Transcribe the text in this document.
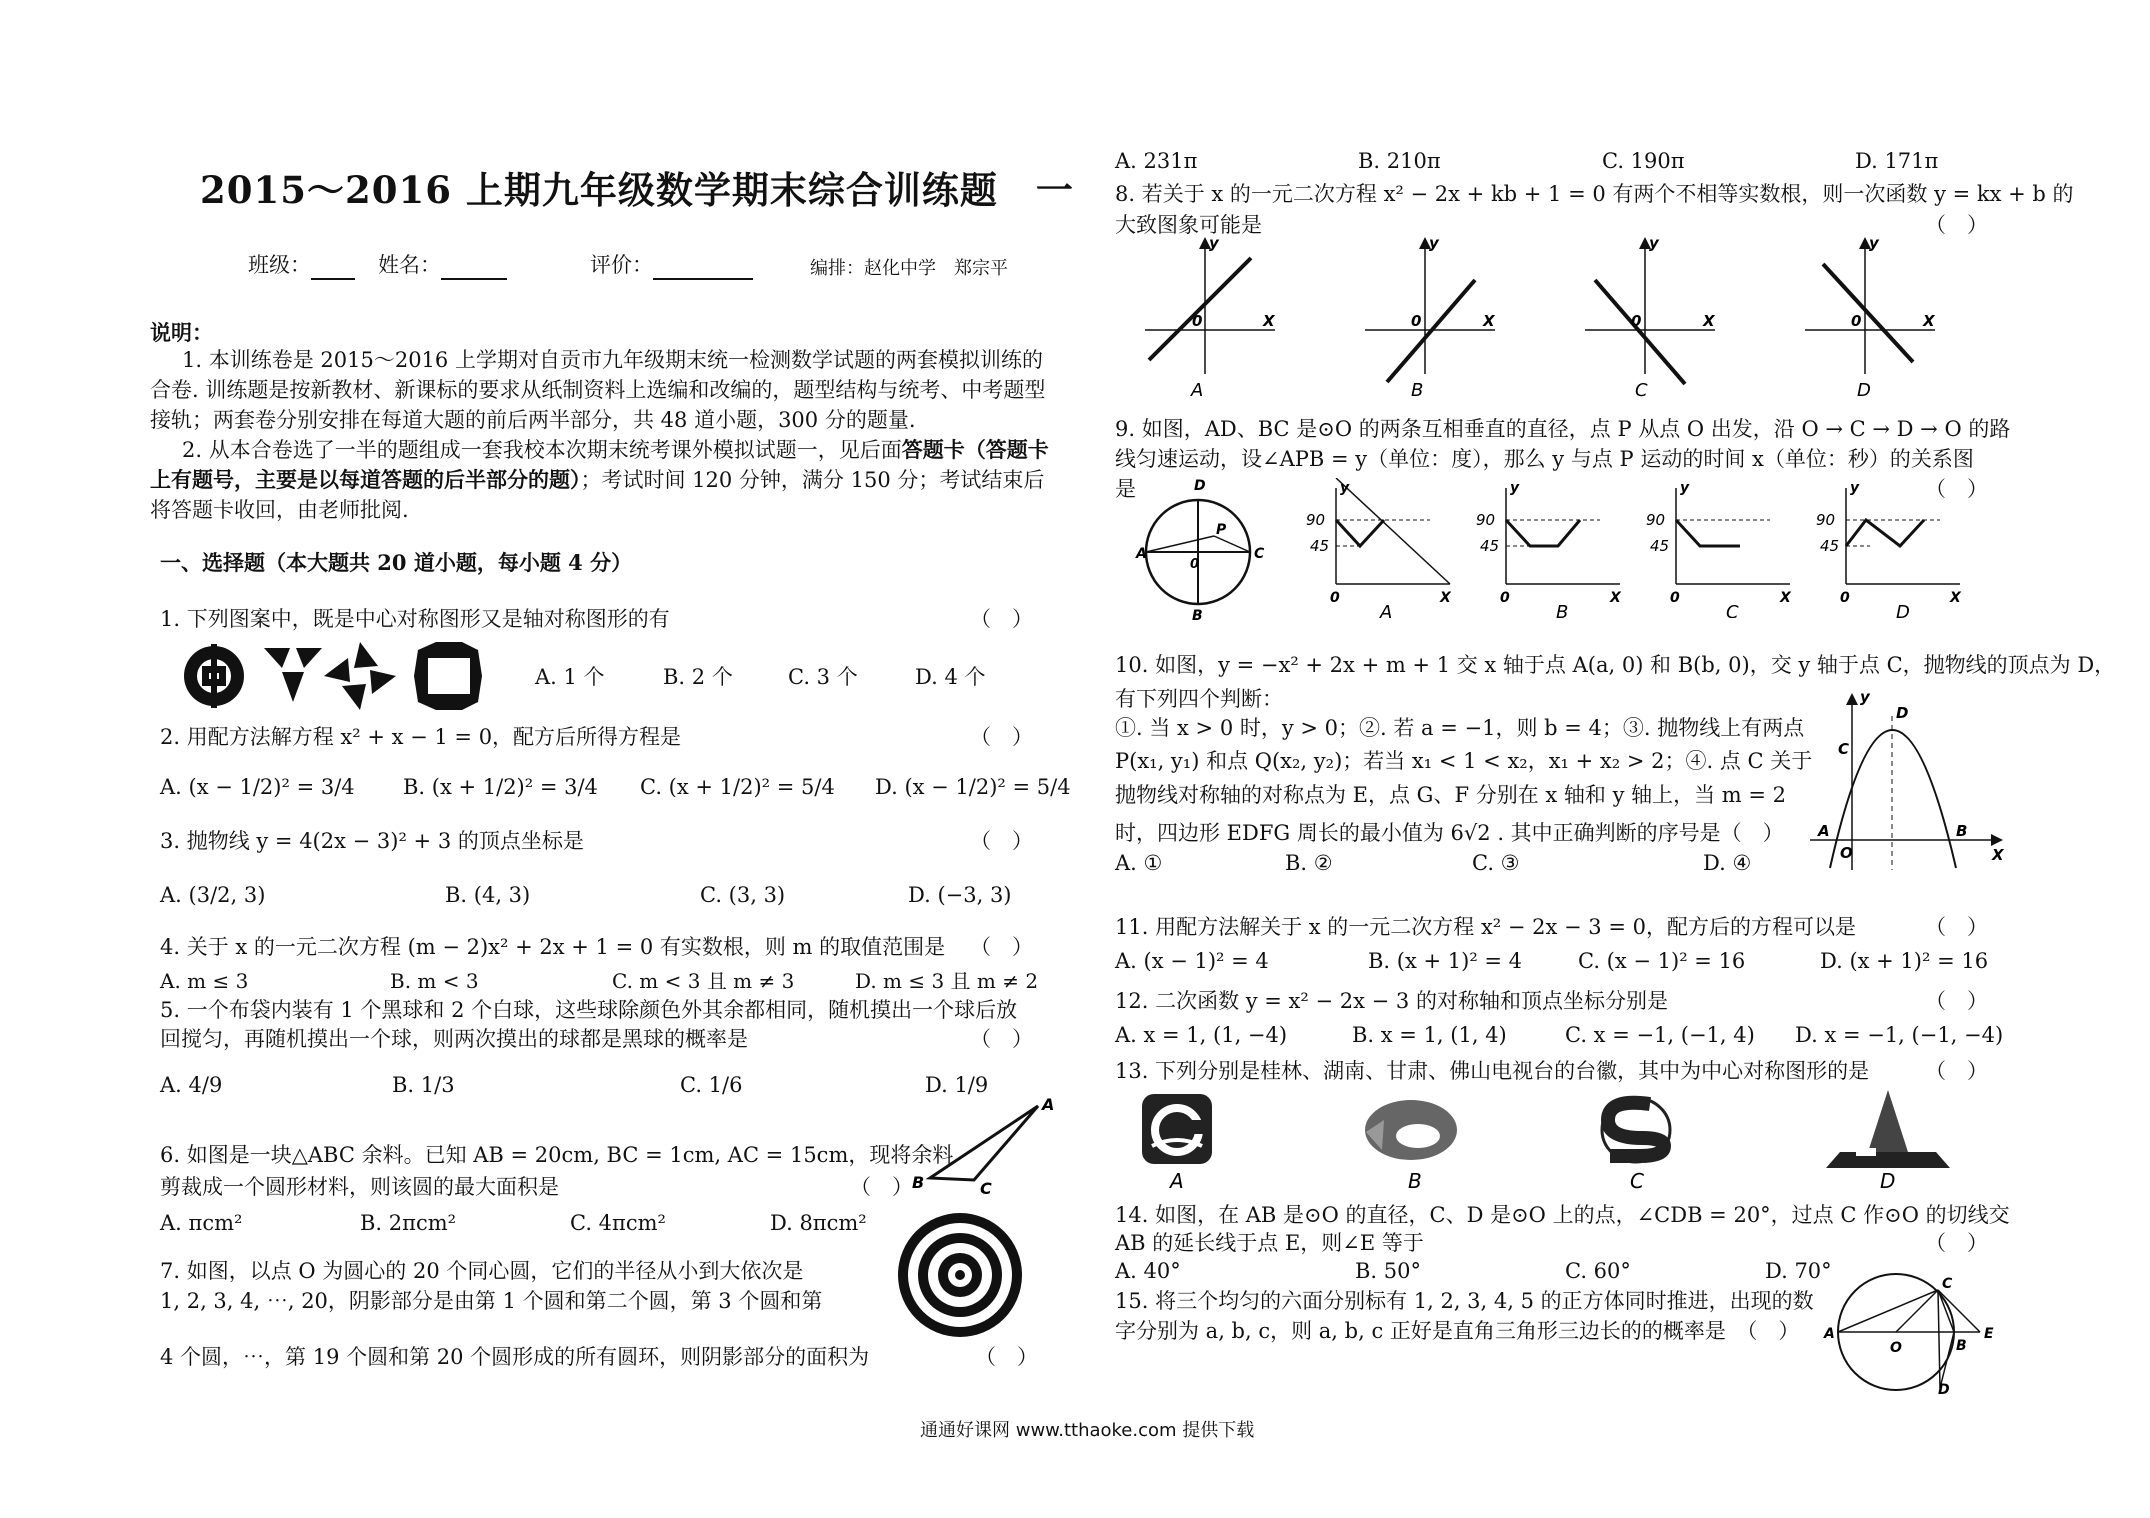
2015～2016 上期九年级数学期末综合训练题　一
班级：	姓名：	评价：	编排：赵化中学　郑宗平
说明：
1. 本训练卷是 2015～2016 上学期对自贡市九年级期末统一检测数学试题的两套模拟训练的合卷. 训练题是按新教材、新课标的要求从纸制资料上选编和改编的，题型结构与统考、中考题型接轨；两套卷分别安排在每道大题的前后两半部分，共 48 道小题，300 分的题量.
2. 从本合卷选了一半的题组成一套我校本次期末统考课外模拟试题一，见后面答题卡（答题卡上有题号，主要是以每道答题的后半部分的题）；考试时间 120 分钟，满分 150 分；考试结束后将答题卡收回，由老师批阅.
一、选择题（本大题共 20 道小题，每小题 4 分）
1. 下列图案中，既是中心对称图形又是轴对称图形的有	（　）
A. 1 个	B. 2 个	C. 3 个	D. 4 个
2. 用配方法解方程 x² + x − 1 = 0，配方后所得方程是	（　）
A. (x − 1/2)² = 3/4 B. (x + 1/2)² = 3/4 C. (x + 1/2)² = 5/4 D. (x − 1/2)² = 5/4
3. 抛物线 y = 4(2x − 3)² + 3 的顶点坐标是	（　）
A. (3/2, 3)	B. (4, 3)	C. (3, 3)	D. (−3, 3)
4. 关于 x 的一元二次方程 (m − 2)x² + 2x + 1 = 0 有实数根，则 m 的取值范围是 （　）
A. m ≤ 3	B. m < 3	C. m < 3 且 m ≠ 3	D. m ≤ 3 且 m ≠ 2
5. 一个布袋内装有 1 个黑球和 2 个白球，这些球除颜色外其余都相同，随机摸出一个球后放
回搅匀，再随机摸出一个球，则两次摸出的球都是黑球的概率是	（　）
A. 4/9	B. 1/3	C. 1/6	D. 1/9
6. 如图是一块△ABC 余料。已知 AB = 20cm, BC = 1cm, AC = 15cm，现将余料
剪裁成一个圆形材料，则该圆的最大面积是	（　）
A. πcm²	B. 2πcm²	C. 4πcm²	D. 8πcm²
A
B	C
7. 如图，以点 O 为圆心的 20 个同心圆，它们的半径从小到大依次是
1, 2, 3, 4, ⋯, 20，阴影部分是由第 1 个圆和第二个圆，第 3 个圆和第
4 个圆，⋯，第 19 个圆和第 20 个圆形成的所有圆环，则阴影部分的面积为	（　）
A. 231π	B. 210π	C. 190π	D. 171π
8. 若关于 x 的一元二次方程 x² − 2x + kb + 1 = 0 有两个不相等实数根，则一次函数 y = kx + b 的
大致图象可能是	（　）
0	X
y
A
0	X
y
B
0	X
y
C
0	X
y
D
9. 如图，AD、BC 是⊙O 的两条互相垂直的直径，点 P 从点 O 出发，沿 O → C → D → O 的路
线匀速运动，设∠APB = y（单位：度），那么 y 与点 P 运动的时间 x（单位：秒）的关系图
是	（　）
A	C
D
B
P
0
90
45
y
0	X
A
90
45
y
0	X
B
90
45
y
0	X
C
90
45
y
0	X
D
10. 如图，y = −x² + 2x + m + 1 交 x 轴于点 A(a, 0) 和 B(b, 0)，交 y 轴于点 C，抛物线的顶点为 D，
有下列四个判断：
①. 当 x > 0 时，y > 0；②. 若 a = −1，则 b = 4；③. 抛物线上有两点
P(x₁, y₁) 和点 Q(x₂, y₂)；若当 x₁ < 1 < x₂，x₁ + x₂ > 2；④. 点 C 关于
抛物线对称轴的对称点为 E，点 G、F 分别在 x 轴和 y 轴上，当 m = 2
时，四边形 EDFG 周长的最小值为 6√2 . 其中正确判断的序号是（　）
A. ①	B. ②	C. ③	D. ④
y
D
C
A
O
B
X
11. 用配方法解关于 x 的一元二次方程 x² − 2x − 3 = 0，配方后的方程可以是	（　）
A. (x − 1)² = 4	B. (x + 1)² = 4	C. (x − 1)² = 16	D. (x + 1)² = 16
12. 二次函数 y = x² − 2x − 3 的对称轴和顶点坐标分别是	（　）
A. x = 1, (1, −4)	B. x = 1, (1, 4)	C. x = −1, (−1, 4) D. x = −1, (−1, −4)
13. 下列分别是桂林、湖南、甘肃、佛山电视台的台徽，其中为中心对称图形的是	（　）
A	B	C	D
14. 如图，在 AB 是⊙O 的直径，C、D 是⊙O 上的点，∠CDB = 20°，过点 C 作⊙O 的切线交
AB 的延长线于点 E，则∠E 等于	（　）
A. 40°	B. 50°	C. 60°	D. 70°
15. 将三个均匀的六面分别标有 1, 2, 3, 4, 5 的正方体同时推进，出现的数
字分别为 a, b, c，则 a, b, c 正好是直角三角形三边长的的概率是　（　）
C
A
O	B
E
D
通通好课网 www.tthaoke.com 提供下载
